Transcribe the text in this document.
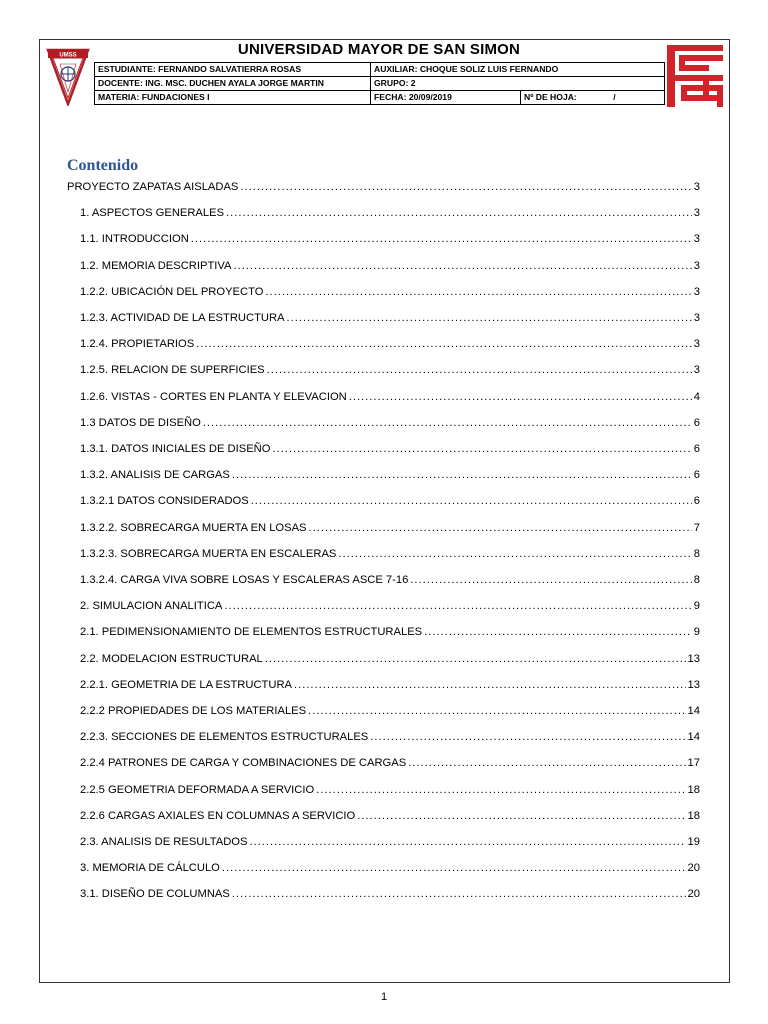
UMSS	UNIVERSIDAD MAYOR DE SAN SIMON
ESTUDIANTE: FERNANDO SALVATIERRA ROSAS	AUXILIAR: CHOQUE SOLIZ LUIS FERNANDO	
DOCENTE: ING. MSC. DUCHEN AYALA JORGE MARTIN	GRUPO: 2	
MATERIA: FUNDACIONES I	FECHA: 20/09/2019	Nº DE HOJA: /
Contenido
PROYECTO ZAPATAS AISLADAS .....	3
1. ASPECTOS GENERALES .....	3
1.1. INTRODUCCION .....	3
1.2. MEMORIA DESCRIPTIVA .....	3
1.2.2. UBICACIÓN DEL PROYECTO .....	3
1.2.3. ACTIVIDAD DE LA ESTRUCTURA .....	3
1.2.4. PROPIETARIOS .....	3
1.2.5. RELACION DE SUPERFICIES .....	3
1.2.6. VISTAS - CORTES EN PLANTA Y ELEVACION .....	4
1.3 DATOS DE DISEÑO .....	6
1.3.1. DATOS INICIALES DE DISEÑO .....	6
1.3.2. ANALISIS DE CARGAS .....	6
1.3.2.1 DATOS CONSIDERADOS .....	6
1.3.2.2. SOBRECARGA MUERTA EN LOSAS .....	7
1.3.2.3. SOBRECARGA MUERTA EN ESCALERAS .....	8
1.3.2.4. CARGA VIVA SOBRE LOSAS Y ESCALERAS ASCE 7-16 .....	8
2. SIMULACION ANALITICA .....	9
2.1. PEDIMENSIONAMIENTO DE ELEMENTOS ESTRUCTURALES .....	9
2.2. MODELACION ESTRUCTURAL .....	13
2.2.1. GEOMETRIA DE LA ESTRUCTURA .....	13
2.2.2 PROPIEDADES DE LOS MATERIALES .....	14
2.2.3. SECCIONES DE ELEMENTOS ESTRUCTURALES .....	14
2.2.4 PATRONES DE CARGA Y COMBINACIONES DE CARGAS .....	17
2.2.5 GEOMETRIA DEFORMADA A SERVICIO .....	18
2.2.6 CARGAS AXIALES EN COLUMNAS A SERVICIO .....	18
2.3. ANALISIS DE RESULTADOS .....	19
3. MEMORIA DE CÁLCULO .....	20
3.1. DISEÑO DE COLUMNAS .....	20
1
